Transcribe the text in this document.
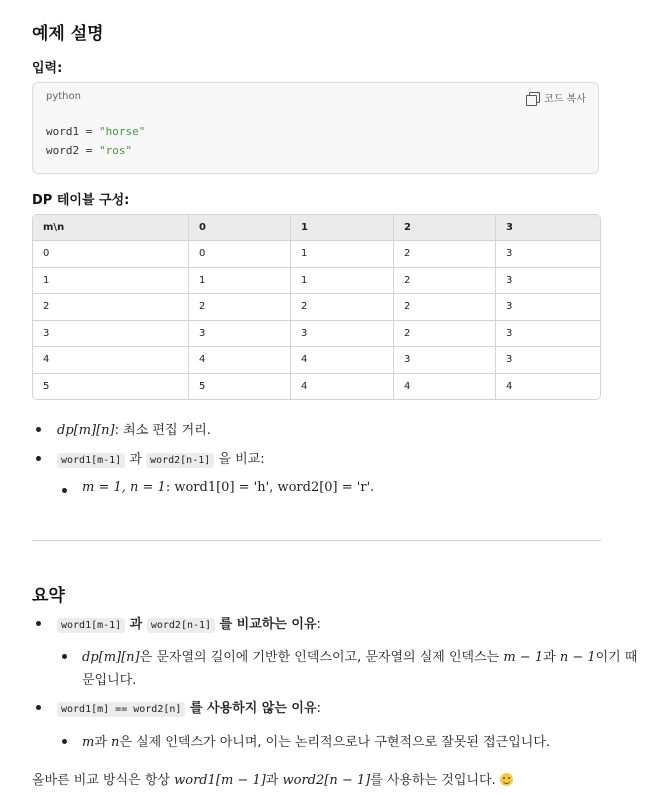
예제 설명
입력:
python	코드 복사
word1 = "horse"
word2 = "ros"
DP 테이블 구성:
m\n	0	1	2	3
0	0	1	2	3
1	1	1	2	3
2	2	2	2	3
3	3	3	2	3
4	4	4	3	3
5	5	4	4	4
dp[m][n]: 최소 편집 거리.
word1[m-1] 과 word2[n-1] 을 비교:
m = 1, n = 1: word1[0] = 'h', word2[0] = 'r'.
요약
word1[m-1] 과 word2[n-1] 를 비교하는 이유:
dp[m][n]은 문자열의 길이에 기반한 인덱스이고, 문자열의 실제 인덱스는 m − 1과 n − 1이기 때
문입니다.
word1[m] == word2[n] 를 사용하지 않는 이유:
m과 n은 실제 인덱스가 아니며, 이는 논리적으로나 구현적으로 잘못된 접근입니다.
올바른 비교 방식은 항상 word1[m − 1]과 word2[n − 1]를 사용하는 것입니다.
